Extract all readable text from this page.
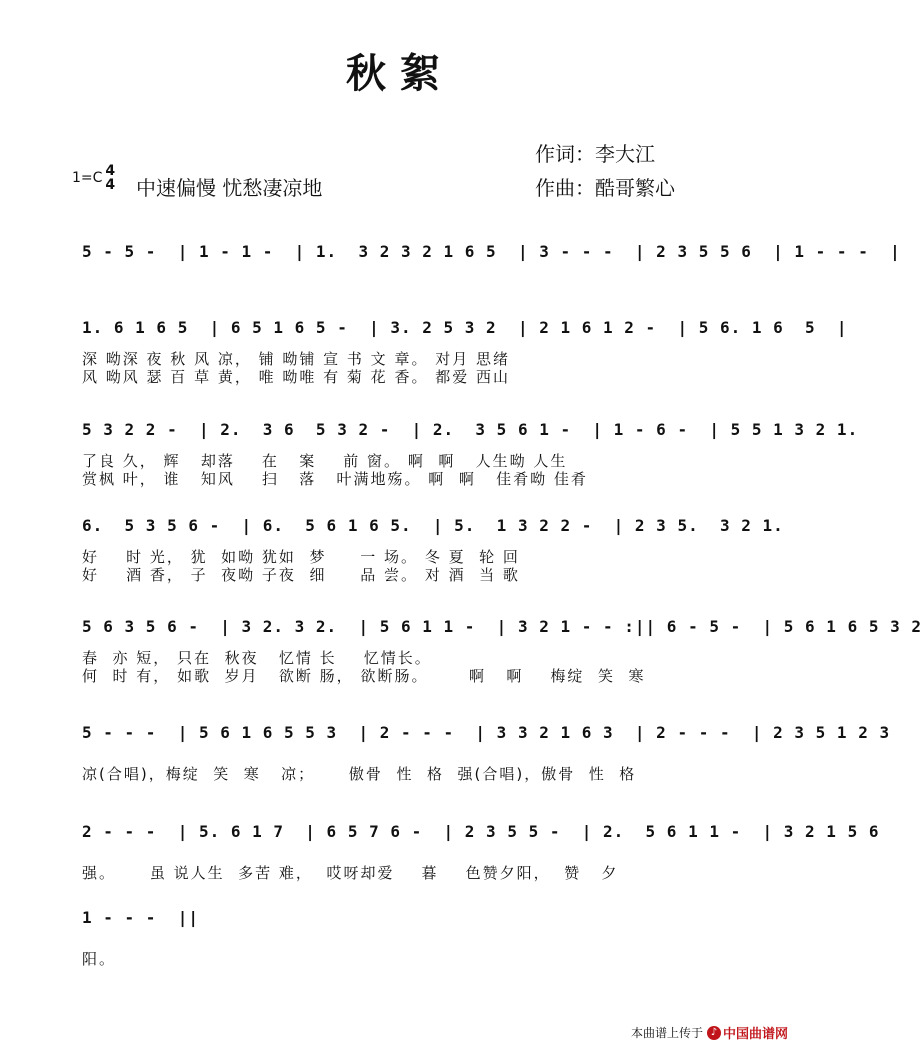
秋絮
作词：李大江
作曲：酷哥繁心
1=C 4
4 中速偏慢 忧愁凄凉地
5 - 5 -  | 1 - 1 -  | 1.  3 2 3 2 1 6 5  | 3 - - -  | 2 3 5 5 6  | 1 - - -  |
1. 6 1 6 5  | 6 5 1 6 5 -  | 3. 2 5 3 2  | 2 1 6 1 2 -  | 5 6. 1 6  5  |
深 呦深 夜 秋 风 凉， 铺 呦铺 宣 书 文 章。 对月 思绪
风 呦风 瑟 百 草 黄， 唯 呦唯 有 菊 花 香。 都爱 西山
5 3 2 2 -  | 2.  3 6  5 3 2 -  | 2.  3 5 6 1 -  | 1 - 6 -  | 5 5 1 3 2 1.
了良 久， 辉   却落    在   案    前 窗。 啊  啊   人生呦 人生
赏枫 叶， 谁   知风    扫   落   叶满地殇。 啊  啊   佳肴呦 佳肴
6.  5 3 5 6 -  | 6.  5 6 1 6 5.  | 5.  1 3 2 2 -  | 2 3 5.  3 2 1.
好    时 光， 犹  如呦 犹如  梦     一 场。 冬 夏  轮 回
好    酒 香， 子  夜呦 子夜  细     品 尝。 对 酒  当 歌
5 6 3 5 6 -  | 3 2. 3 2.  | 5 6 1 1 -  | 3 2 1 - - :|| 6 - 5 -  | 5 6 1 6 5 3 2
春  亦 短， 只在  秋夜   忆情 长    忆情长。
何  时 有， 如歌  岁月   欲断 肠， 欲断肠。      啊   啊    梅绽  笑  寒
5 - - -  | 5 6 1 6 5 5 3  | 2 - - -  | 3 3 2 1 6 3  | 2 - - -  | 2 3 5 1 2 3
凉(合唱)，梅绽  笑  寒   凉；     傲骨  性  格  强(合唱)，傲骨  性  格
2 - - -  | 5. 6 1 7  | 6 5 7 6 -  | 2 3 5 5 -  | 2.  5 6 1 1 -  | 3 2 1 5 6
强。     虽 说人生  多苦 难，  哎呀却爱    暮    色赞夕阳，  赞   夕
1 - - -  ||
阳。
本曲谱上传于 ♪ 中国曲谱网
